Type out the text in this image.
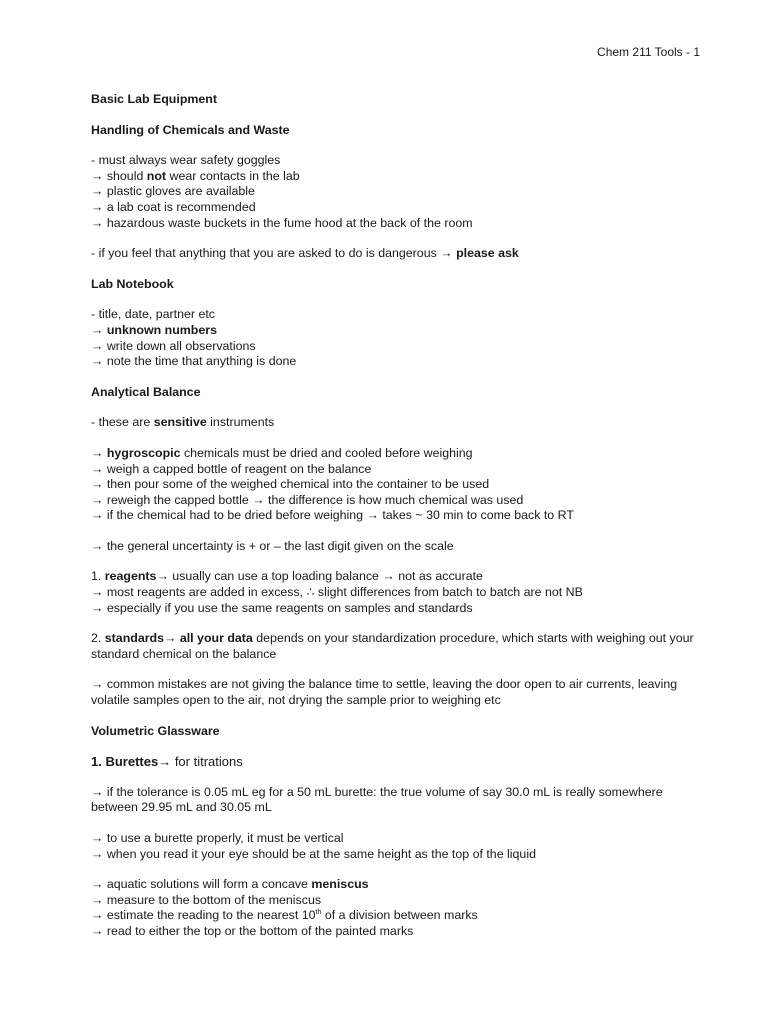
Chem 211 Tools - 1
Basic Lab Equipment
Handling of Chemicals and Waste
- must always wear safety goggles
→ should not wear contacts in the lab
→ plastic gloves are available
→ a lab coat is recommended
→ hazardous waste buckets in the fume hood at the back of the room
- if you feel that anything that you are asked to do is dangerous → please ask
Lab Notebook
- title, date, partner etc
→ unknown numbers
→ write down all observations
→ note the time that anything is done
Analytical Balance
- these are sensitive instruments
→ hygroscopic chemicals must be dried and cooled before weighing
→ weigh a capped bottle of reagent on the balance
→ then pour some of the weighed chemical into the container to be used
→ reweigh the capped bottle → the difference is how much chemical was used
→ if the chemical had to be dried before weighing → takes ~ 30 min to come back to RT
→ the general uncertainty is + or – the last digit given on the scale
1. reagents→ usually can use a top loading balance → not as accurate
→ most reagents are added in excess, ∴ slight differences from batch to batch are not NB
→ especially if you use the same reagents on samples and standards
2. standards→ all your data depends on your standardization procedure, which starts with weighing out your standard chemical on the balance
→ common mistakes are not giving the balance time to settle, leaving the door open to air currents, leaving volatile samples open to the air, not drying the sample prior to weighing etc
Volumetric Glassware
1. Burettes→ for titrations
→ if the tolerance is 0.05 mL eg for a 50 mL burette: the true volume of say 30.0 mL is really somewhere between 29.95 mL and 30.05 mL
→ to use a burette properly, it must be vertical
→ when you read it your eye should be at the same height as the top of the liquid
→ aquatic solutions will form a concave meniscus
→ measure to the bottom of the meniscus
→ estimate the reading to the nearest 10th of a division between marks
→ read to either the top or the bottom of the painted marks
